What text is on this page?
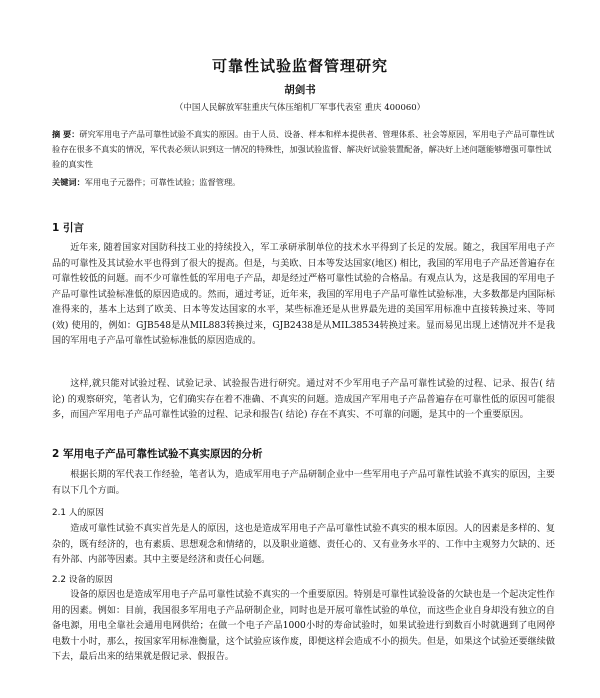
可靠性试验监督管理研究
胡剑书
（中国人民解放军驻重庆气体压缩机厂军事代表室 重庆 400060）
摘 要：研究军用电子产品可靠性试验不真实的原因。由于人员、设备、样本和样本提供者、管理体系、社会等原因，军用电子产品可靠性试验存在很多不真实的情况，军代表必须认识到这一情况的特殊性，加强试验监督、解决好试验装置配备，解决好上述问题能够增强可靠性试验的真实性
关键词：军用电子元器件；可靠性试验；监督管理。
1 引言
近年来, 随着国家对国防科技工业的持续投入，军工承研承制单位的技术水平得到了长足的发展。随之，我国军用电子产品的可靠性及其试验水平也得到了很大的提高。但是，与美欧、日本等发达国家(地区) 相比，我国的军用电子产品还普遍存在可靠性较低的问题。而不少可靠性低的军用电子产品，却是经过严格可靠性试验的合格品。有观点认为，这是我国的军用电子产品可靠性试验标准低的原因造成的。然而，通过考证，近年来，我国的军用电子产品可靠性试验标准，大多数都是内国际标准得来的，基本上达到了欧美、日本等发达国家的水平，某些标准还是从世界最先进的美国军用标准中直接转换过来、等同(效) 使用的，例如：GJB548是从MIL883转换过来，GJB2438是从MIL38534转换过来。显而易见出现上述情况并不是我国的军用电子产品可靠性试验标准低的原因造成的。
这样,就只能对试验过程、试验记录、试验报告进行研究。通过对不少军用电子产品可靠性试验的过程、记录、报告( 结论) 的观察研究，笔者认为，它们确实存在着不准确、不真实的问题。造成国产军用电子产品普遍存在可靠性低的原因可能很多，而国产军用电子产品可靠性试验的过程、记录和报告( 结论) 存在不真实、不可靠的问题，是其中的一个重要原因。
2 军用电子产品可靠性试验不真实原因的分析
根据长期的军代表工作经验，笔者认为，造成军用电子产品研制企业中一些军用电子产品可靠性试验不真实的原因，主要有以下几个方面。
2.1 人的原因
造成可靠性试验不真实首先是人的原因，这也是造成军用电子产品可靠性试验不真实的根本原因。人的因素是多样的、复杂的，既有经济的，也有素质、思想观念和情绪的，以及职业道德、责任心的、又有业务水平的、工作中主观努力欠缺的、还有外部、内部等因素。其中主要是经济和责任心问题。
2.2 设备的原因
设备的原因也是造成军用电子产品可靠性试验不真实的一个重要原因。特别是可靠性试验设备的欠缺也是一个起决定性作用的因素。例如：目前，我国很多军用电子产品研制企业，同时也是开展可靠性试验的单位，而这些企业自身却没有独立的自备电源，用电全靠社会通用电网供给；在做一个电子产品1000小时的寿命试验时，如果试验进行到数百小时就遇到了电网停电数十小时，那么，按国家军用标准衡量，这个试验应该作废，即便这样会造成不小的损失。但是，如果这个试验还要继续做下去，最后出来的结果就是假记录、假报告。
